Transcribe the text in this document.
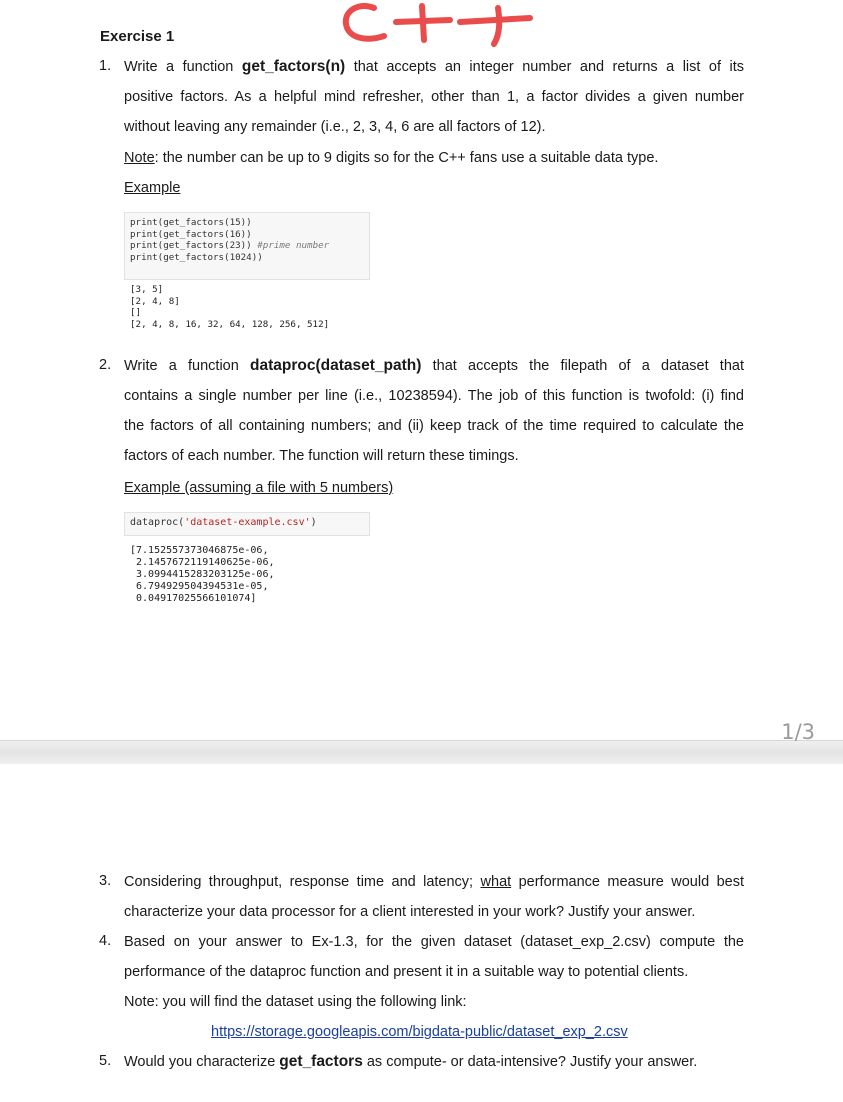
Exercise 1
1. Write a function get_factors(n) that accepts an integer number and returns a list of its
positive factors. As a helpful mind refresher, other than 1, a factor divides a given number
without leaving any remainder (i.e., 2, 3, 4, 6 are all factors of 12).
Note: the number can be up to 9 digits so for the C++ fans use a suitable data type.
Example
print(get_factors(15))
print(get_factors(16))
print(get_factors(23)) #prime number
print(get_factors(1024))
[3, 5]
[2, 4, 8]
[]
[2, 4, 8, 16, 32, 64, 128, 256, 512]
2. Write a function dataproc(dataset_path) that accepts the filepath of a dataset that
contains a single number per line (i.e., 10238594). The job of this function is twofold: (i) find
the factors of all containing numbers; and (ii) keep track of the time required to calculate the
factors of each number. The function will return these timings.
Example (assuming a file with 5 numbers)
dataproc('dataset-example.csv')
[7.152557373046875e-06,
2.1457672119140625e-06,
3.0994415283203125e-06,
6.794929504394531e-05,
0.04917025566101074]
1/3
3. Considering throughput, response time and latency; what performance measure would best
characterize your data processor for a client interested in your work? Justify your answer.
4. Based on your answer to Ex-1.3, for the given dataset (dataset_exp_2.csv) compute the
performance of the dataproc function and present it in a suitable way to potential clients.
Note: you will find the dataset using the following link:
https://storage.googleapis.com/bigdata-public/dataset_exp_2.csv
5. Would you characterize get_factors as compute- or data-intensive? Justify your answer.
